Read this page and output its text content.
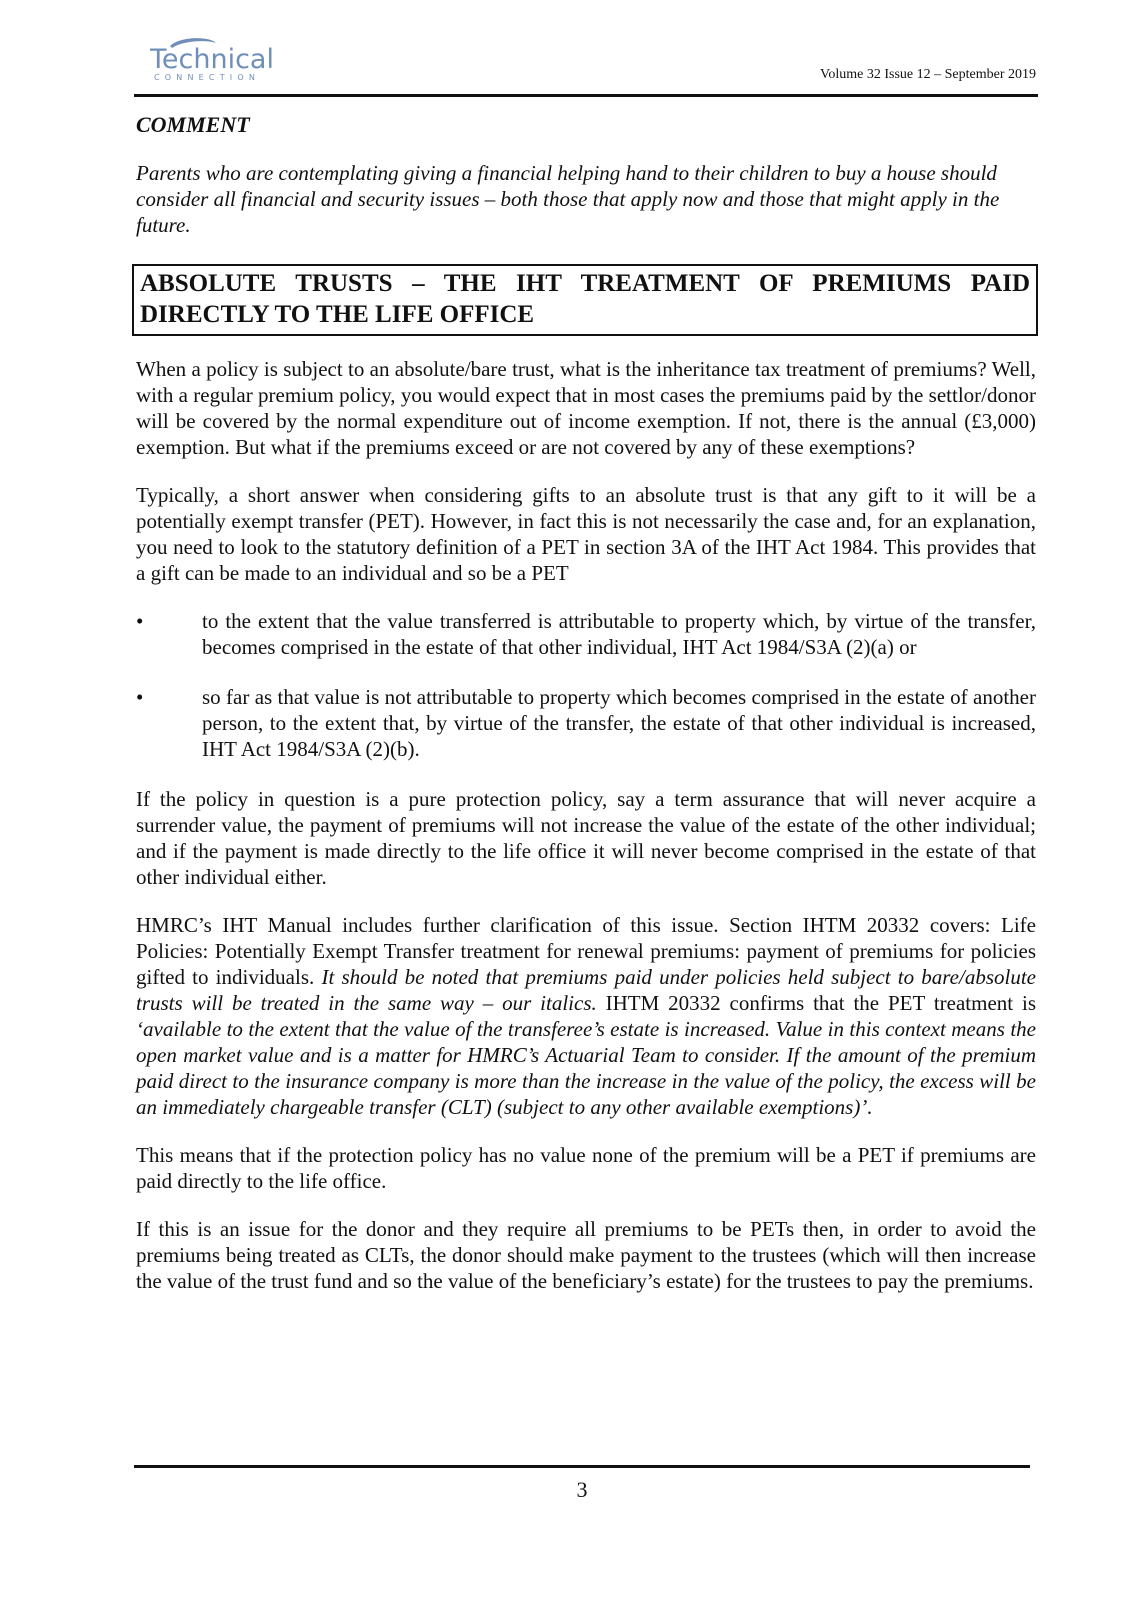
Technical
CONNECTION	Volume 32 Issue 12 – September 2019
COMMENT

Parents who are contemplating giving a financial helping hand to their children to buy a house should consider all financial and security issues – both those that apply now and those that might apply in the future.

ABSOLUTE TRUSTS – THE IHT TREATMENT OF PREMIUMS PAID DIRECTLY TO THE LIFE OFFICE

When a policy is subject to an absolute/bare trust, what is the inheritance tax treatment of premiums? Well, with a regular premium policy, you would expect that in most cases the premiums paid by the settlor/donor will be covered by the normal expenditure out of income exemption. If not, there is the annual (£3,000) exemption. But what if the premiums exceed or are not covered by any of these exemptions?

Typically, a short answer when considering gifts to an absolute trust is that any gift to it will be a potentially exempt transfer (PET). However, in fact this is not necessarily the case and, for an explanation, you need to look to the statutory definition of a PET in section 3A of the IHT Act 1984. This provides that a gift can be made to an individual and so be a PET

•	to the extent that the value transferred is attributable to property which, by virtue of the transfer, becomes comprised in the estate of that other individual, IHT Act 1984/S3A (2)(a) or
•	so far as that value is not attributable to property which becomes comprised in the estate of another person, to the extent that, by virtue of the transfer, the estate of that other individual is increased, IHT Act 1984/S3A (2)(b).

If the policy in question is a pure protection policy, say a term assurance that will never acquire a surrender value, the payment of premiums will not increase the value of the estate of the other individual; and if the payment is made directly to the life office it will never become comprised in the estate of that other individual either.

HMRC’s IHT Manual includes further clarification of this issue. Section IHTM 20332 covers: Life Policies: Potentially Exempt Transfer treatment for renewal premiums: payment of premiums for policies gifted to individuals. It should be noted that premiums paid under policies held subject to bare/absolute trusts will be treated in the same way – our italics. IHTM 20332 confirms that the PET treatment is ‘available to the extent that the value of the transferee’s estate is increased. Value in this context means the open market value and is a matter for HMRC’s Actuarial Team to consider. If the amount of the premium paid direct to the insurance company is more than the increase in the value of the policy, the excess will be an immediately chargeable transfer (CLT) (subject to any other available exemptions)’.

This means that if the protection policy has no value none of the premium will be a PET if premiums are paid directly to the life office.

If this is an issue for the donor and they require all premiums to be PETs then, in order to avoid the premiums being treated as CLTs, the donor should make payment to the trustees (which will then increase the value of the trust fund and so the value of the beneficiary’s estate) for the trustees to pay the premiums.

3
